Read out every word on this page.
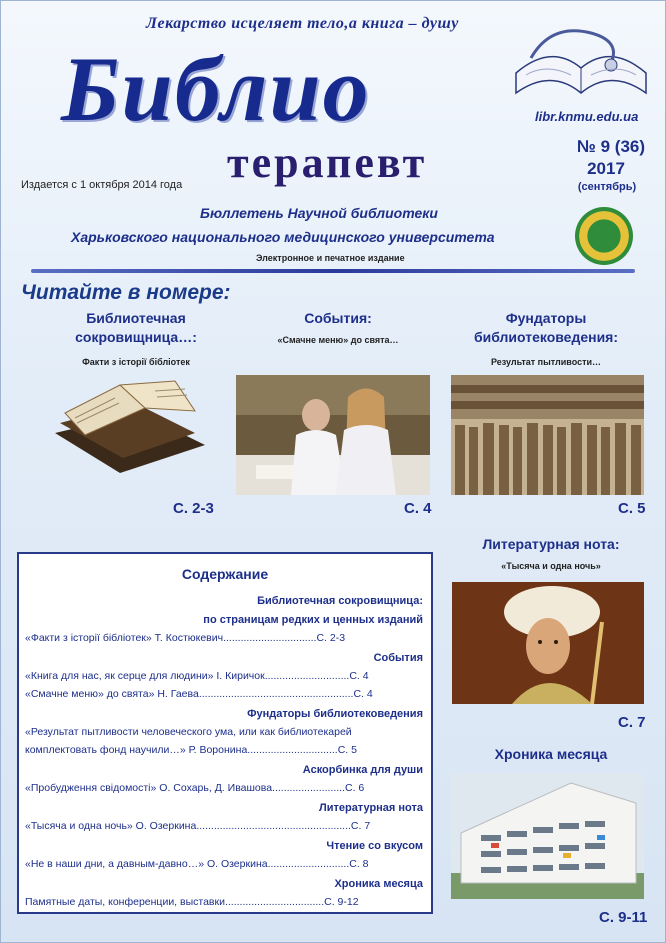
Лекарство исцеляет тело,а книга – душу
Библио
терапевт
libr.knmu.edu.ua
№ 9 (36)
2017
(сентябрь)
Издается с 1 октября 2014 года
Бюллетень Научной библиотеки
Харьковского национального медицинского университета
Электронное и печатное издание
Читайте в номере:
Библиотечная сокровищница…:
Факти з історії бібліотек
С. 2-3
События:
«Смачне меню» до свята…
С. 4
Фундаторы библиотековедения:
Результат пытливости…
С. 5
Литературная нота:
«Тысяча и одна ночь»
С. 7
Хроника месяца
С. 9-11
Содержание
Библиотечная сокровищница:
по страницам редких и ценных изданий
«Факти з історії бібліотек» Т. Костюкевич................................С. 2-3
События
«Книга для нас, як серце для людини» І. Киричок.............................С. 4
«Смачне меню» до свята» Н. Гаева.....................................................С. 4
Фундаторы библиотековедения
«Результат пытливости человеческого ума, или как библиотекарей
комплектовать фонд научили…» Р. Воронина...............................С. 5
Аскорбинка для души
«Пробудження свідомості» О. Сохарь, Д. Ивашова.........................С. 6
Литературная нота
«Тысяча и одна ночь» О. Озеркина.....................................................С. 7
Чтение со вкусом
«Не в наши дни, а давным-давно…» О. Озеркина............................С. 8
Хроника месяца
Памятные даты, конференции, выставки..................................С. 9-12
